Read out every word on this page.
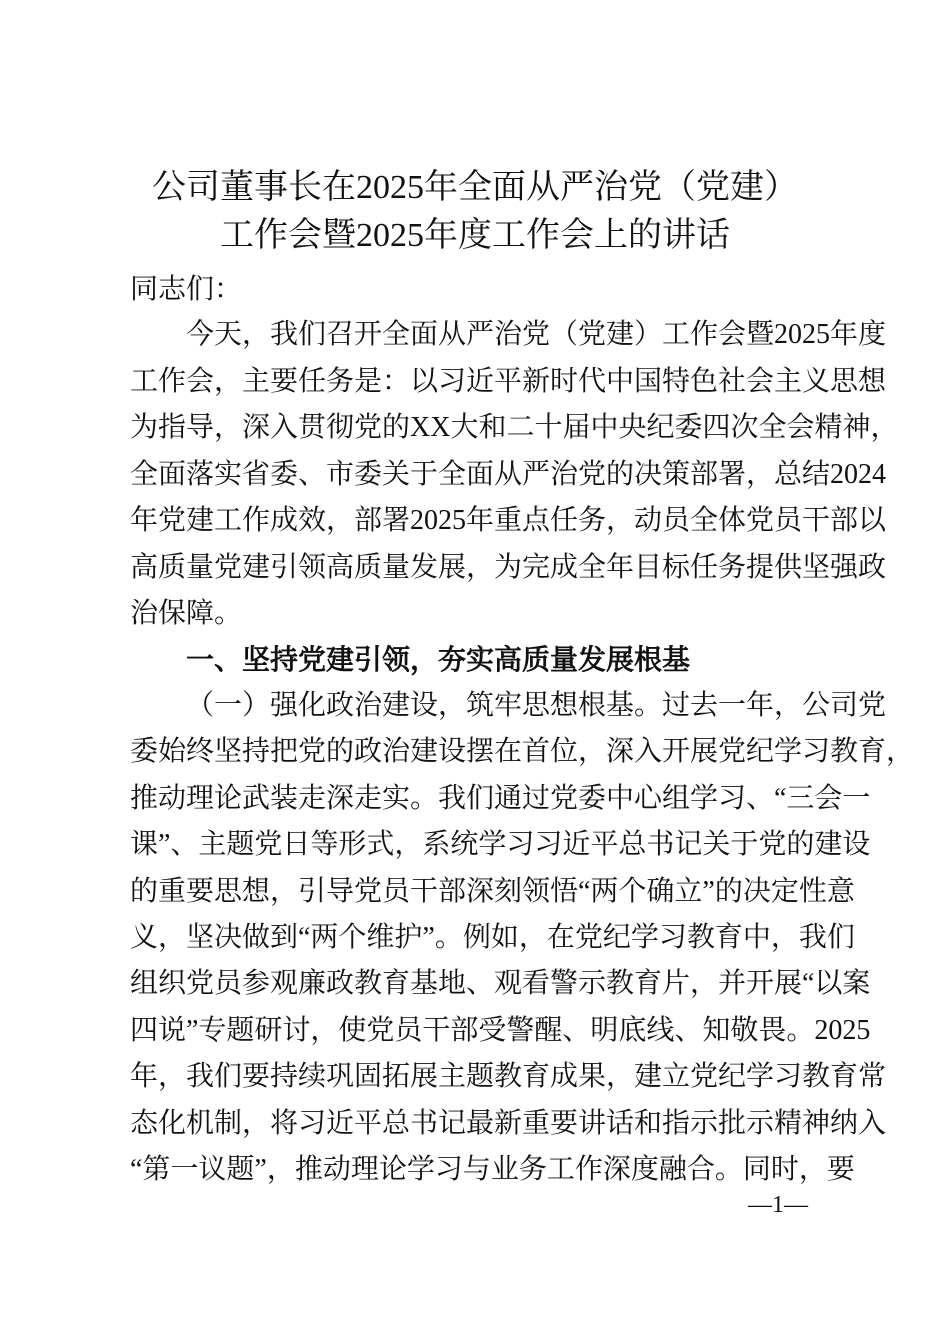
公司董事长在2025年全面从严治党（党建）
工作会暨2025年度工作会上的讲话
同志们：
今天，我们召开全面从严治党（党建）工作会暨2025年度
工作会，主要任务是：以习近平新时代中国特色社会主义思想
为指导，深入贯彻党的XX大和二十届中央纪委四次全会精神，
全面落实省委、市委关于全面从严治党的决策部署，总结2024
年党建工作成效，部署2025年重点任务，动员全体党员干部以
高质量党建引领高质量发展，为完成全年目标任务提供坚强政
治保障。
一、坚持党建引领，夯实高质量发展根基
（一）强化政治建设，筑牢思想根基。过去一年，公司党
委始终坚持把党的政治建设摆在首位，深入开展党纪学习教育，
推动理论武装走深走实。我们通过党委中心组学习、“三会一
课”、主题党日等形式，系统学习习近平总书记关于党的建设
的重要思想，引导党员干部深刻领悟“两个确立”的决定性意
义，坚决做到“两个维护”。例如，在党纪学习教育中，我们
组织党员参观廉政教育基地、观看警示教育片，并开展“以案
四说”专题研讨，使党员干部受警醒、明底线、知敬畏。2025
年，我们要持续巩固拓展主题教育成果，建立党纪学习教育常
态化机制，将习近平总书记最新重要讲话和指示批示精神纳入
“第一议题”，推动理论学习与业务工作深度融合。同时，要
—1—
